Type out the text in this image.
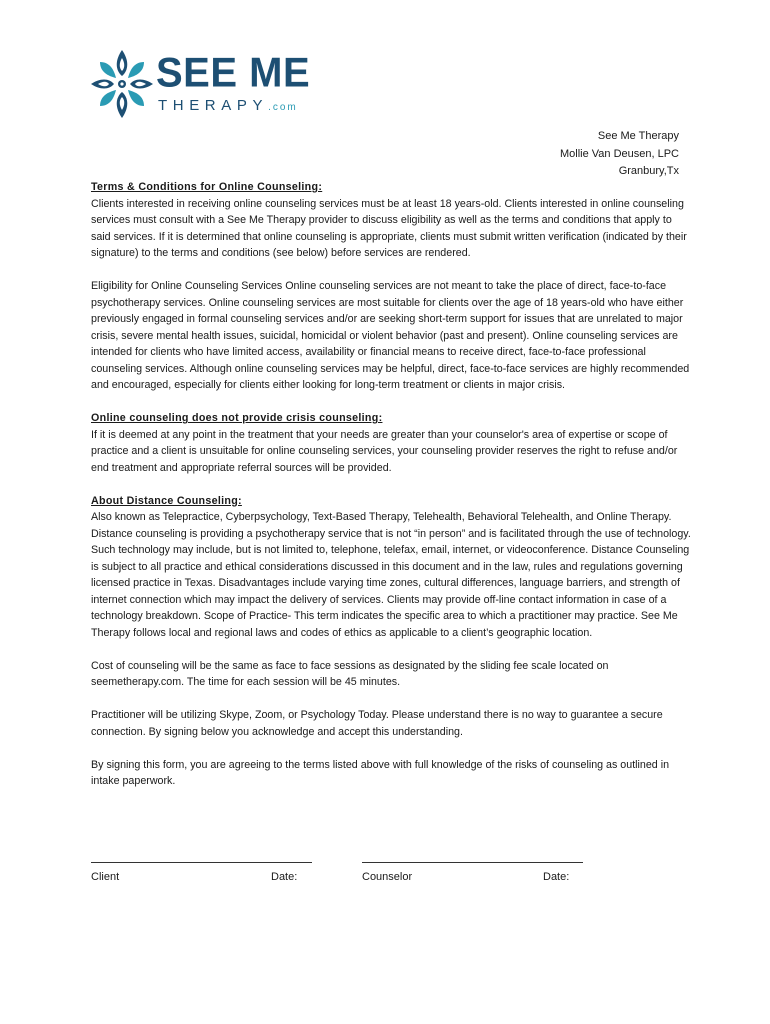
SEE ME
THERAPY.com
See Me Therapy
Mollie Van Deusen, LPC
Granbury,Tx

Terms & Conditions for Online Counseling:

Clients interested in receiving online counseling services must be at least 18 years-old. Clients interested in online counseling services must consult with a See Me Therapy provider to discuss eligibility as well as the terms and conditions that apply to said services. If it is determined that online counseling is appropriate, clients must submit written verification (indicated by their signature) to the terms and conditions (see below) before services are rendered.

Eligibility for Online Counseling Services Online counseling services are not meant to take the place of direct, face-to-face psychotherapy services. Online counseling services are most suitable for clients over the age of 18 years-old who have either previously engaged in formal counseling services and/or are seeking short-term support for issues that are unrelated to major crisis, severe mental health issues, suicidal, homicidal or violent behavior (past and present). Online counseling services are intended for clients who have limited access, availability or financial means to receive direct, face-to-face professional counseling services. Although online counseling services may be helpful, direct, face-to-face services are highly recommended and encouraged, especially for clients either looking for long-term treatment or clients in major crisis.

Online counseling does not provide crisis counseling:

If it is deemed at any point in the treatment that your needs are greater than your counselor's area of expertise or scope of practice and a client is unsuitable for online counseling services, your counseling provider reserves the right to refuse and/or end treatment and appropriate referral sources will be provided.

About Distance Counseling:

Also known as Telepractice, Cyberpsychology, Text-Based Therapy, Telehealth, Behavioral Telehealth, and Online Therapy. Distance counseling is providing a psychotherapy service that is not “in person” and is facilitated through the use of technology. Such technology may include, but is not limited to, telephone, telefax, email, internet, or videoconference. Distance Counseling is subject to all practice and ethical considerations discussed in this document and in the law, rules and regulations governing licensed practice in Texas. Disadvantages include varying time zones, cultural differences, language barriers, and strength of internet connection which may impact the delivery of services. Clients may provide off-line contact information in case of a technology breakdown. Scope of Practice- This term indicates the specific area to which a practitioner may practice. See Me Therapy follows local and regional laws and codes of ethics as applicable to a client’s geographic location.

Cost of counseling will be the same as face to face sessions as designated by the sliding fee scale located on seemetherapy.com. The time for each session will be 45 minutes.

Practitioner will be utilizing Skype, Zoom, or Psychology Today. Please understand there is no way to guarantee a secure connection. By signing below you acknowledge and accept this understanding.

By signing this form, you are agreeing to the terms listed above with full knowledge of the risks of counseling as outlined in intake paperwork.

Client	Date:	Counselor	Date:
